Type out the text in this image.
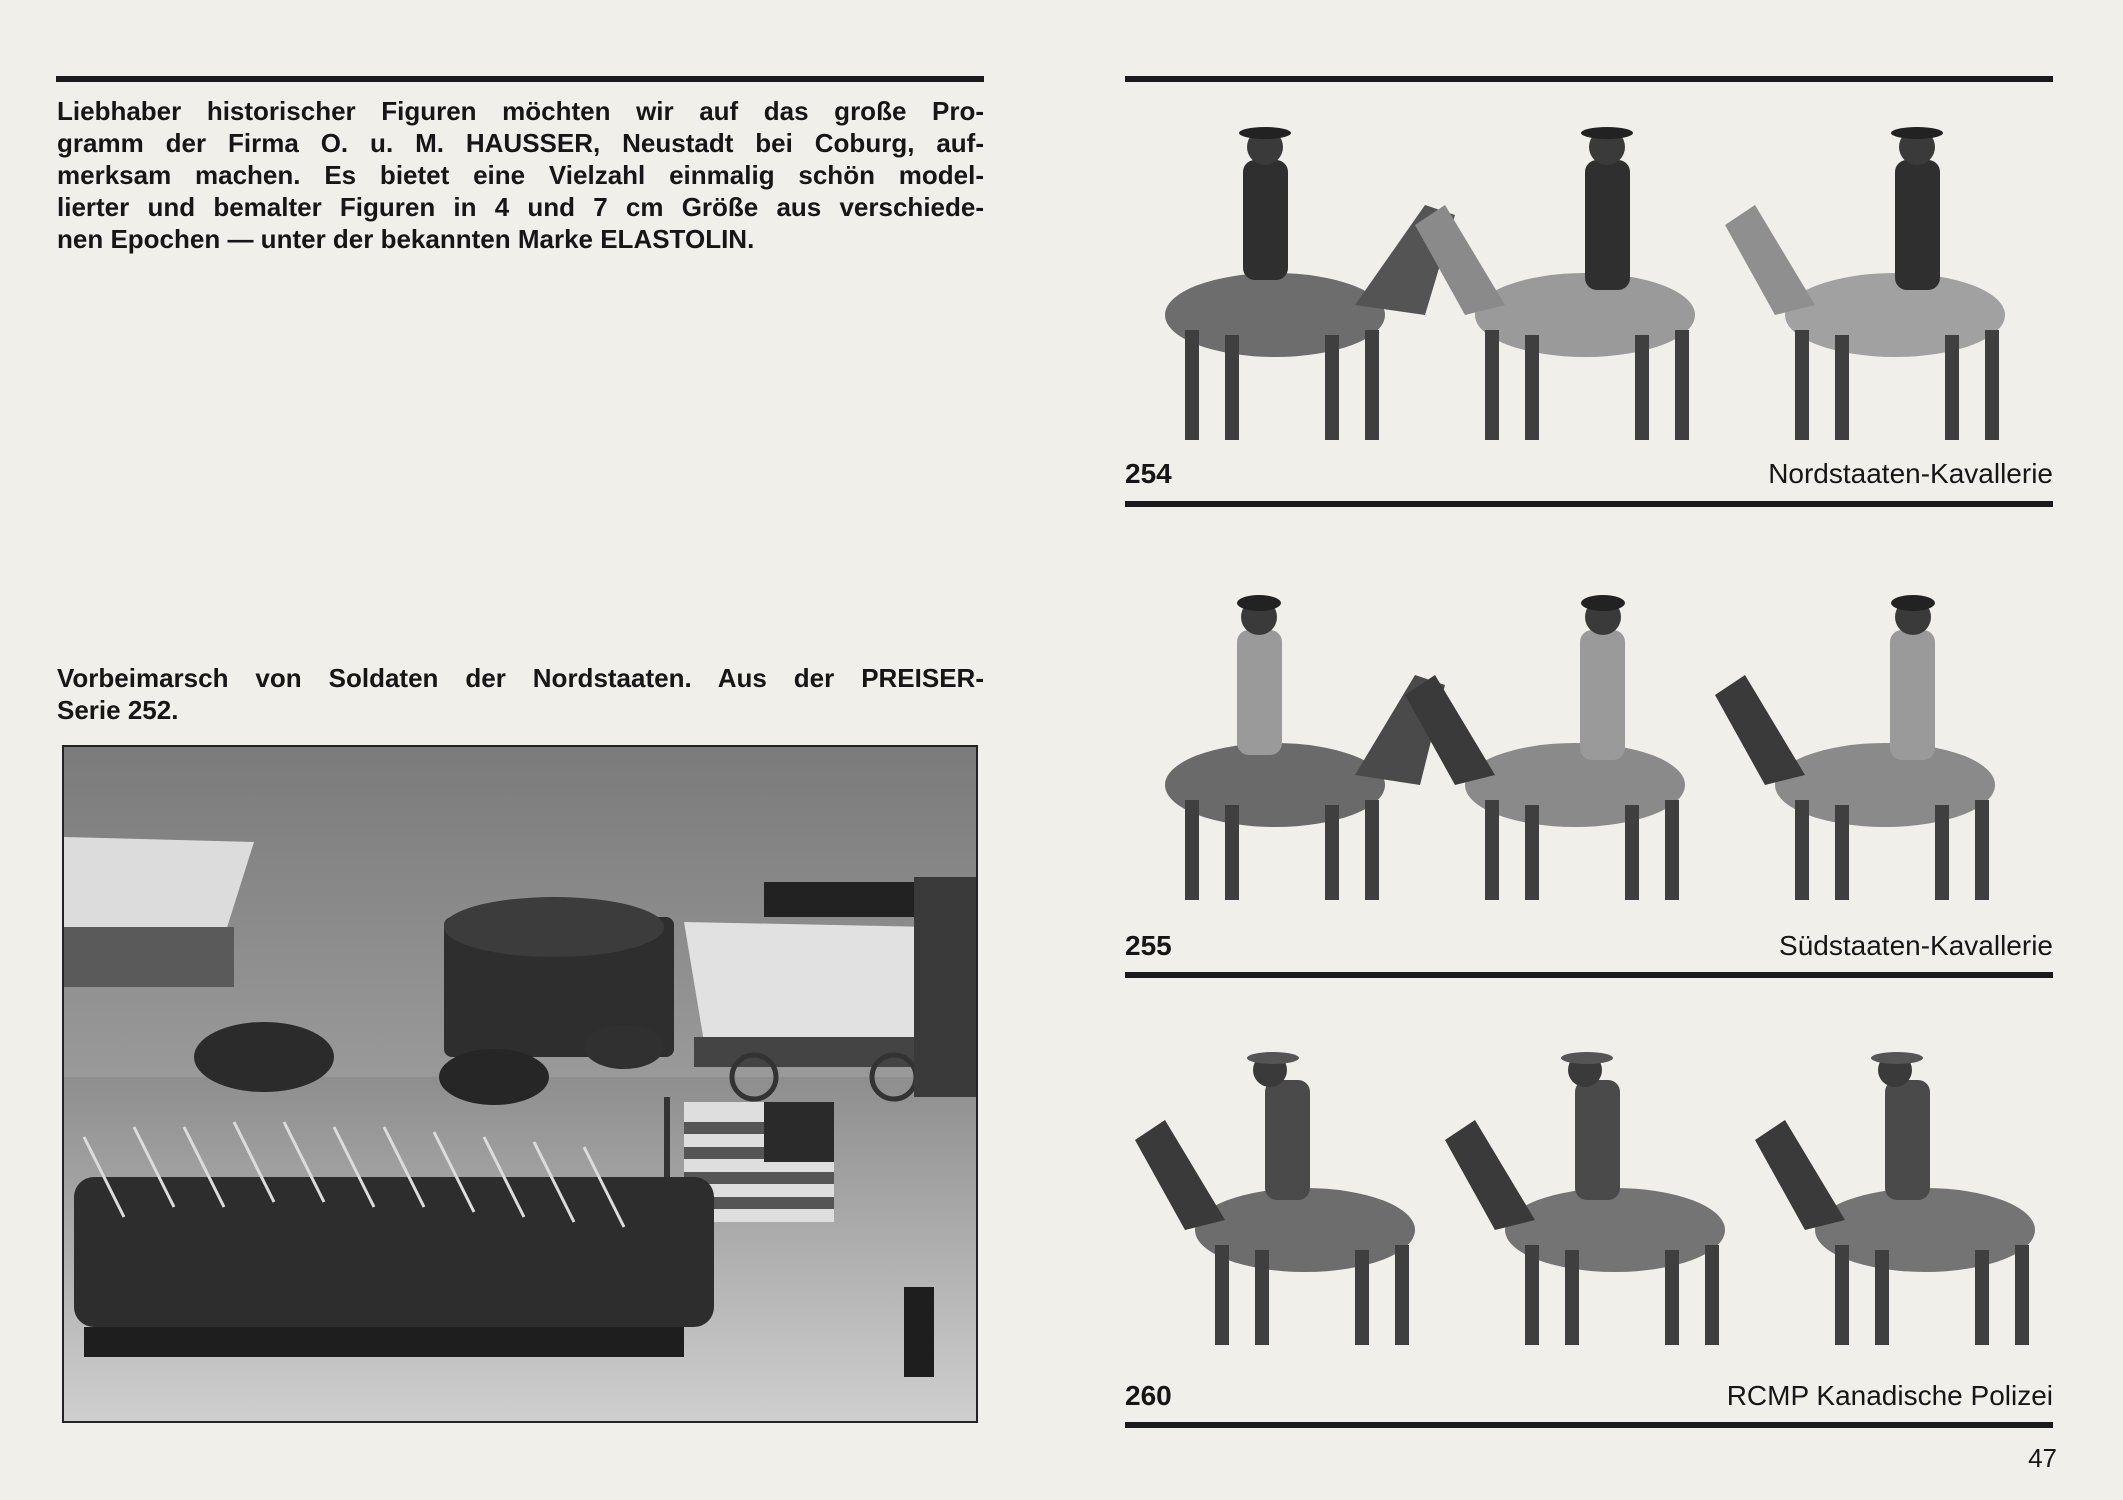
Liebhaber historischer Figuren möchten wir auf das große Pro-
gramm der Firma O. u. M. HAUSSER, Neustadt bei Coburg, auf-
merksam machen. Es bietet eine Vielzahl einmalig schön model-
lierter und bemalter Figuren in 4 und 7 cm Größe aus verschiede-
nen Epochen — unter der bekannten Marke ELASTOLIN.

Vorbeimarsch von Soldaten der Nordstaaten. Aus der PREISER-
Serie 252.

254	Nordstaaten-Kavallerie
255	Südstaaten-Kavallerie
260	RCMP Kanadische Polizei
47
